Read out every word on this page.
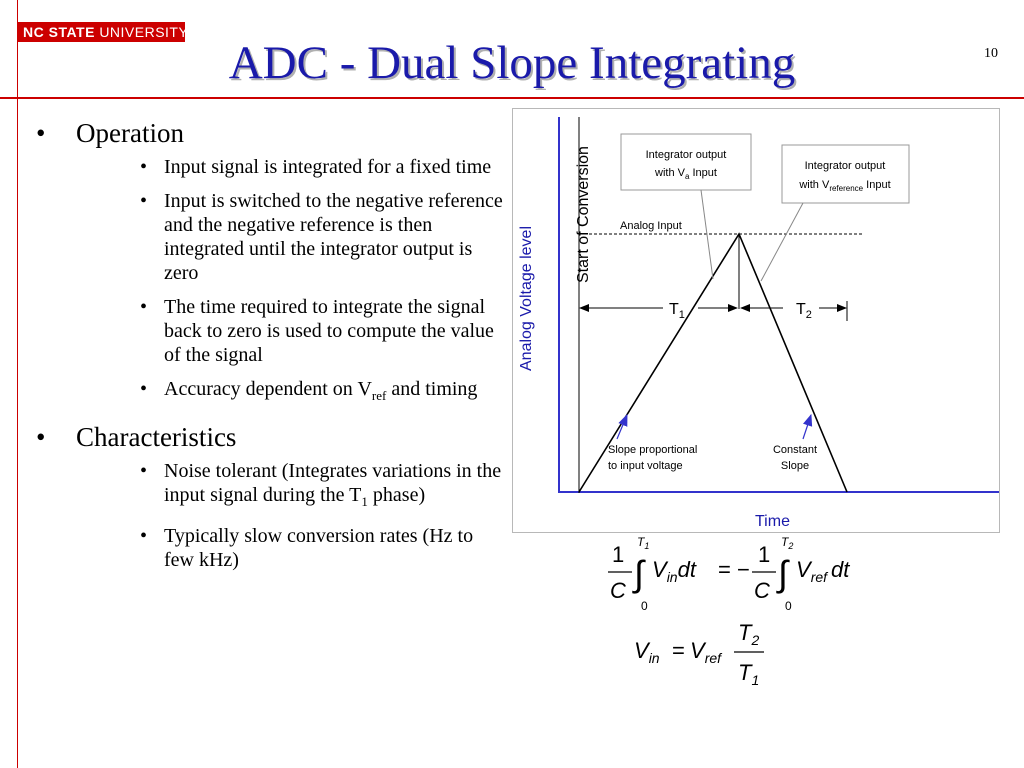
NC STATE UNIVERSITY
ADC - Dual Slope Integrating	10
• Operation
• Input signal is integrated for a fixed time
• Input is switched to the negative reference and the negative reference is then integrated until the integrator output is zero
• The time required to integrate the signal back to zero is used to compute the value of the signal
• Accuracy dependent on $V_{ref}$ and timing
• Characteristics
• Noise tolerant (Integrates variations in the input signal during the $T_1$ phase)
• Typically slow conversion rates (Hz to few kHz)
Analog Voltage level
Time
Start of Conversion	Analog Input
Integrator output
with $V_a$ Input
Integrator output
with $V_{reference}$ Input
$T_1$	$T_2$
Slope proportional
to input voltage
Constant
Slope
1
C ∫
$T_1$
0
$V_{in}dt$ = −
1
C ∫
$T_2$
0
$V_{ref}$ dt
$V_{in} = V_{ref}$
$T_2$
$T_1$
